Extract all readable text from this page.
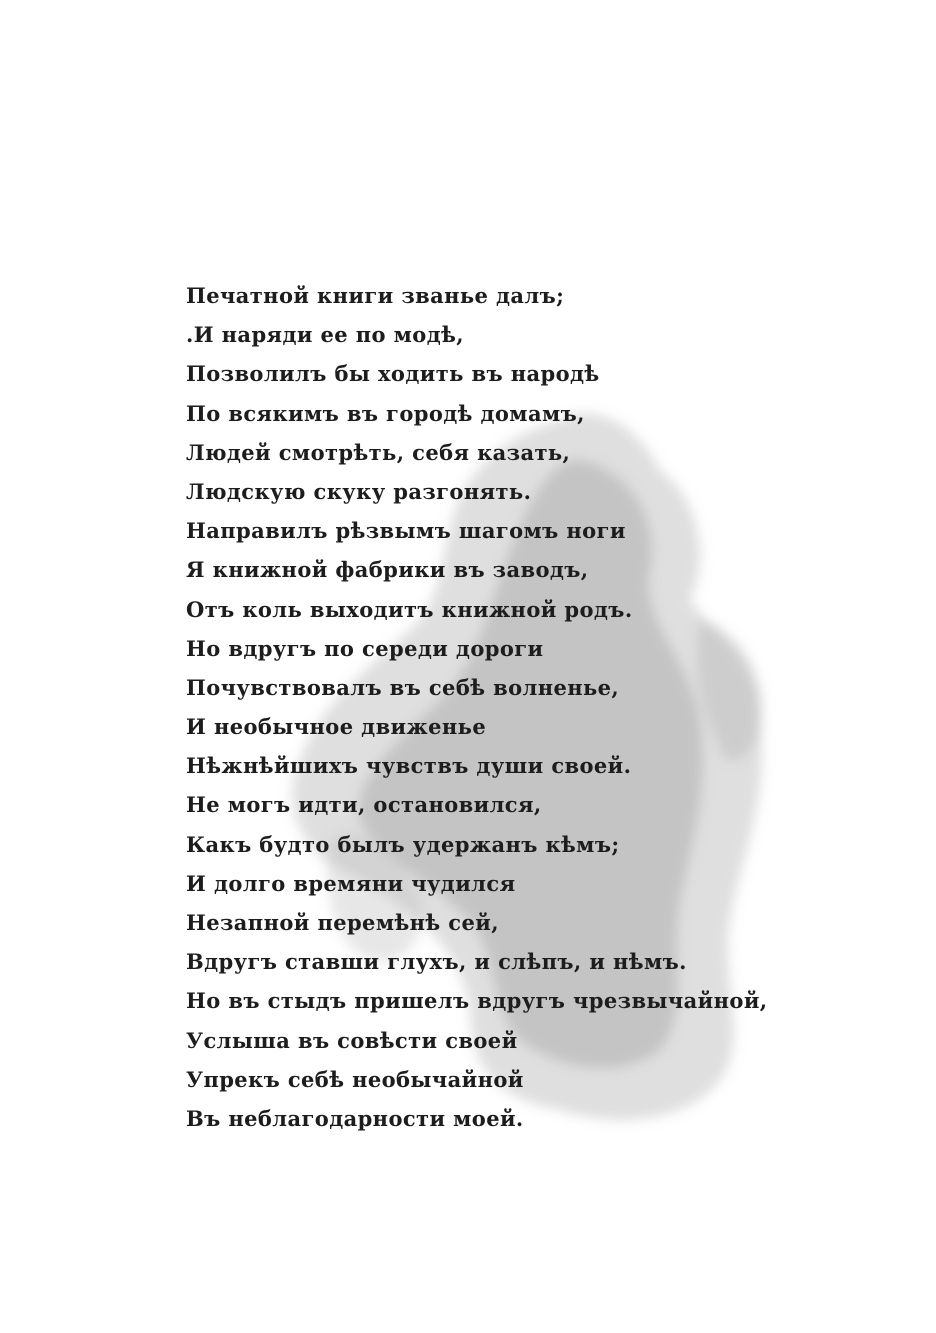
Печатной книги званье далъ;
.И наряди ее по модѣ,
Позволилъ бы ходить въ народѣ
По всякимъ въ городѣ домамъ,
Людей смотрѣть, себя казать,
Людскую скуку разгонять.
Направилъ рѣзвымъ шагомъ ноги
Я книжной фабрики въ заводъ,
Отъ коль выходитъ книжной родъ.
Но вдругъ по середи дороги
Почувствовалъ въ себѣ волненье,
И необычное движенье
Нѣжнѣйшихъ чувствъ души своей.
Не могъ идти, остановился,
Какъ будто былъ удержанъ кѣмъ;
И долго времяни чудился
Незапной перемѣнѣ сей,
Вдругъ ставши глухъ, и слѣпъ, и нѣмъ.
Но въ стыдъ пришелъ вдругъ чрезвычайной,
Услыша въ совѣсти своей
Упрекъ себѣ необычайной
Въ неблагодарности моей.
